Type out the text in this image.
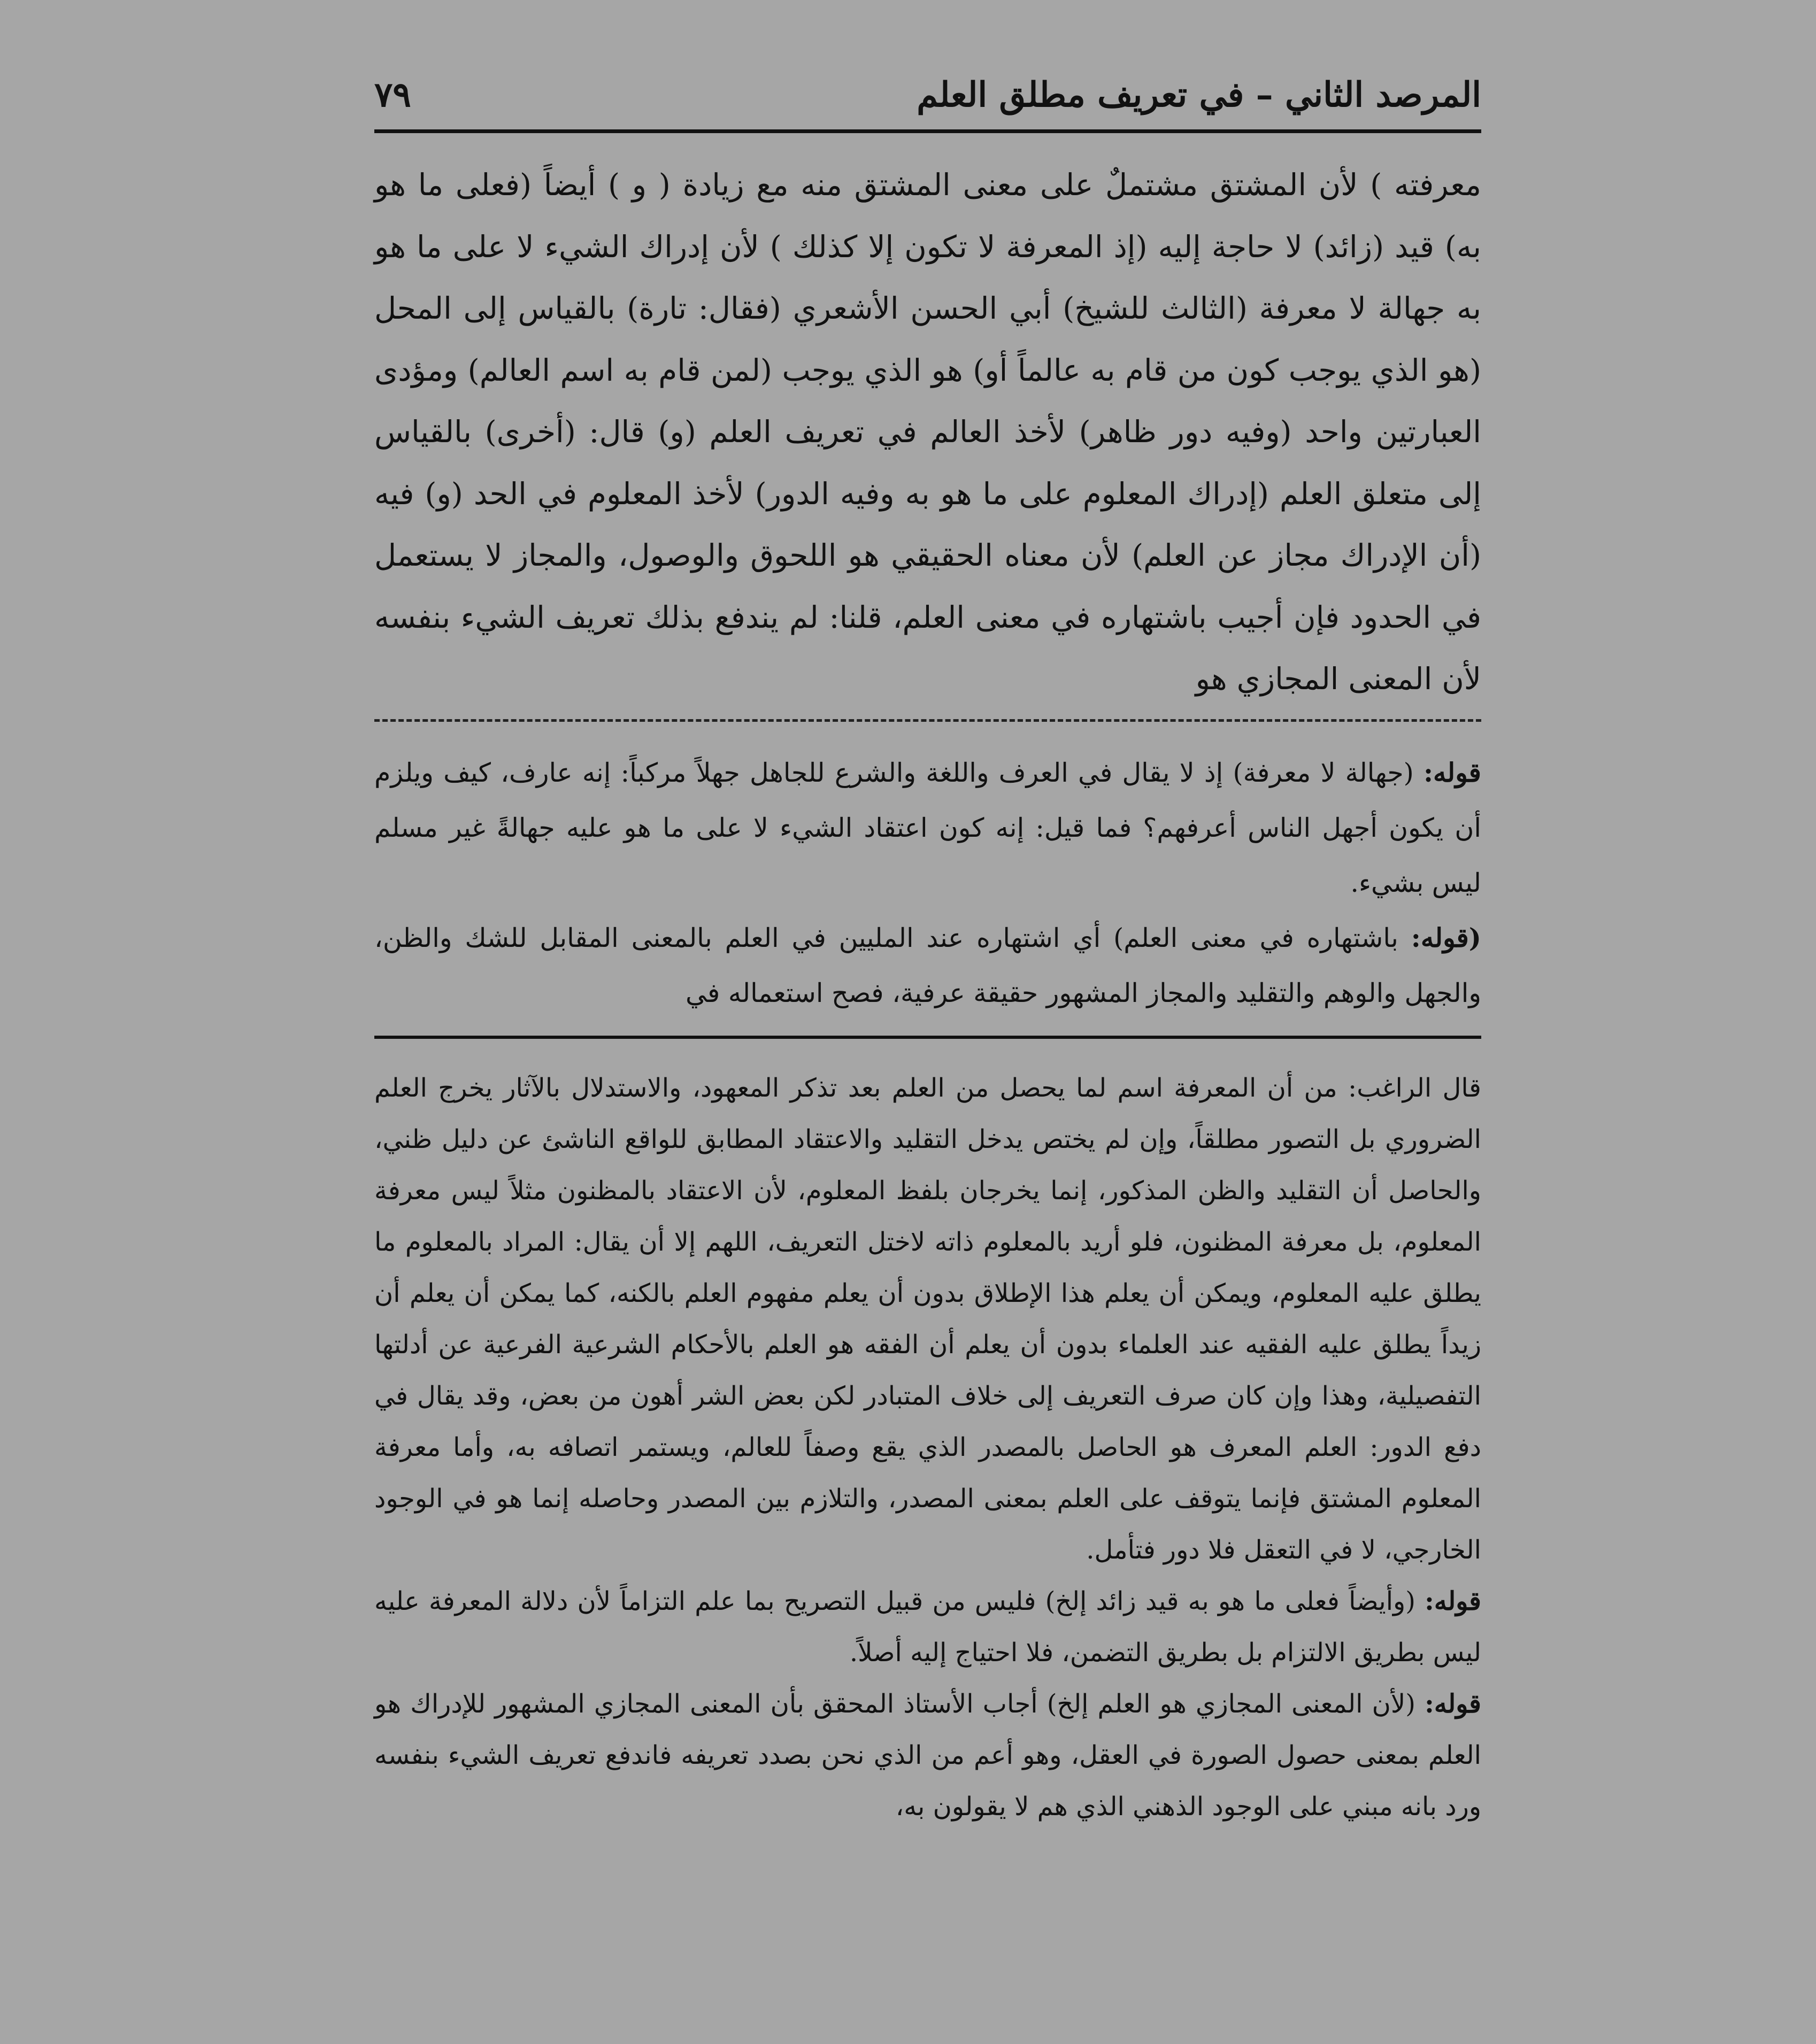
المرصد الثاني – في تعريف مطلق العلم
٧٩
معرفته ) لأن المشتق مشتملٌ على معنى المشتق منه مع زيادة ( و ) أيضاً (فعلى ما هو به) قيد (زائد) لا حاجة إليه (إذ المعرفة لا تكون إلا كذلك ) لأن إدراك الشيء لا على ما هو به جهالة لا معرفة (الثالث للشيخ) أبي الحسن الأشعري (فقال: تارة) بالقياس إلى المحل (هو الذي يوجب كون من قام به عالماً أو) هو الذي يوجب (لمن قام به اسم العالم) ومؤدى العبارتين واحد (وفيه دور ظاهر) لأخذ العالم في تعريف العلم (و) قال: (أخرى) بالقياس إلى متعلق العلم (إدراك المعلوم على ما هو به وفيه الدور) لأخذ المعلوم في الحد (و) فيه (أن الإدراك مجاز عن العلم) لأن معناه الحقيقي هو اللحوق والوصول، والمجاز لا يستعمل في الحدود فإن أجيب باشتهاره في معنى العلم، قلنا: لم يندفع بذلك تعريف الشيء بنفسه لأن المعنى المجازي هو

قوله: (جهالة لا معرفة) إذ لا يقال في العرف واللغة والشرع للجاهل جهلاً مركباً: إنه عارف، كيف ويلزم أن يكون أجهل الناس أعرفهم؟ فما قيل: إنه كون اعتقاد الشيء لا على ما هو عليه جهالةً غير مسلم ليس بشيء.

(قوله: باشتهاره في معنى العلم) أي اشتهاره عند المليين في العلم بالمعنى المقابل للشك والظن، والجهل والوهم والتقليد والمجاز المشهور حقيقة عرفية، فصح استعماله في

قال الراغب: من أن المعرفة اسم لما يحصل من العلم بعد تذكر المعهود، والاستدلال بالآثار يخرج العلم الضروري بل التصور مطلقاً، وإن لم يختص يدخل التقليد والاعتقاد المطابق للواقع الناشئ عن دليل ظني، والحاصل أن التقليد والظن المذكور، إنما يخرجان بلفظ المعلوم، لأن الاعتقاد بالمظنون مثلاً ليس معرفة المعلوم، بل معرفة المظنون، فلو أريد بالمعلوم ذاته لاختل التعريف، اللهم إلا أن يقال: المراد بالمعلوم ما يطلق عليه المعلوم، ويمكن أن يعلم هذا الإطلاق بدون أن يعلم مفهوم العلم بالكنه، كما يمكن أن يعلم أن زيداً يطلق عليه الفقيه عند العلماء بدون أن يعلم أن الفقه هو العلم بالأحكام الشرعية الفرعية عن أدلتها التفصيلية، وهذا وإن كان صرف التعريف إلى خلاف المتبادر لكن بعض الشر أهون من بعض، وقد يقال في دفع الدور: العلم المعرف هو الحاصل بالمصدر الذي يقع وصفاً للعالم، ويستمر اتصافه به، وأما معرفة المعلوم المشتق فإنما يتوقف على العلم بمعنى المصدر، والتلازم بين المصدر وحاصله إنما هو في الوجود الخارجي، لا في التعقل فلا دور فتأمل.

قوله: (وأيضاً فعلى ما هو به قيد زائد إلخ) فليس من قبيل التصريح بما علم التزاماً لأن دلالة المعرفة عليه ليس بطريق الالتزام بل بطريق التضمن، فلا احتياج إليه أصلاً.

قوله: (لأن المعنى المجازي هو العلم إلخ) أجاب الأستاذ المحقق بأن المعنى المجازي المشهور للإدراك هو العلم بمعنى حصول الصورة في العقل، وهو أعم من الذي نحن بصدد تعريفه فاندفع تعريف الشيء بنفسه ورد بانه مبني على الوجود الذهني الذي هم لا يقولون به،
